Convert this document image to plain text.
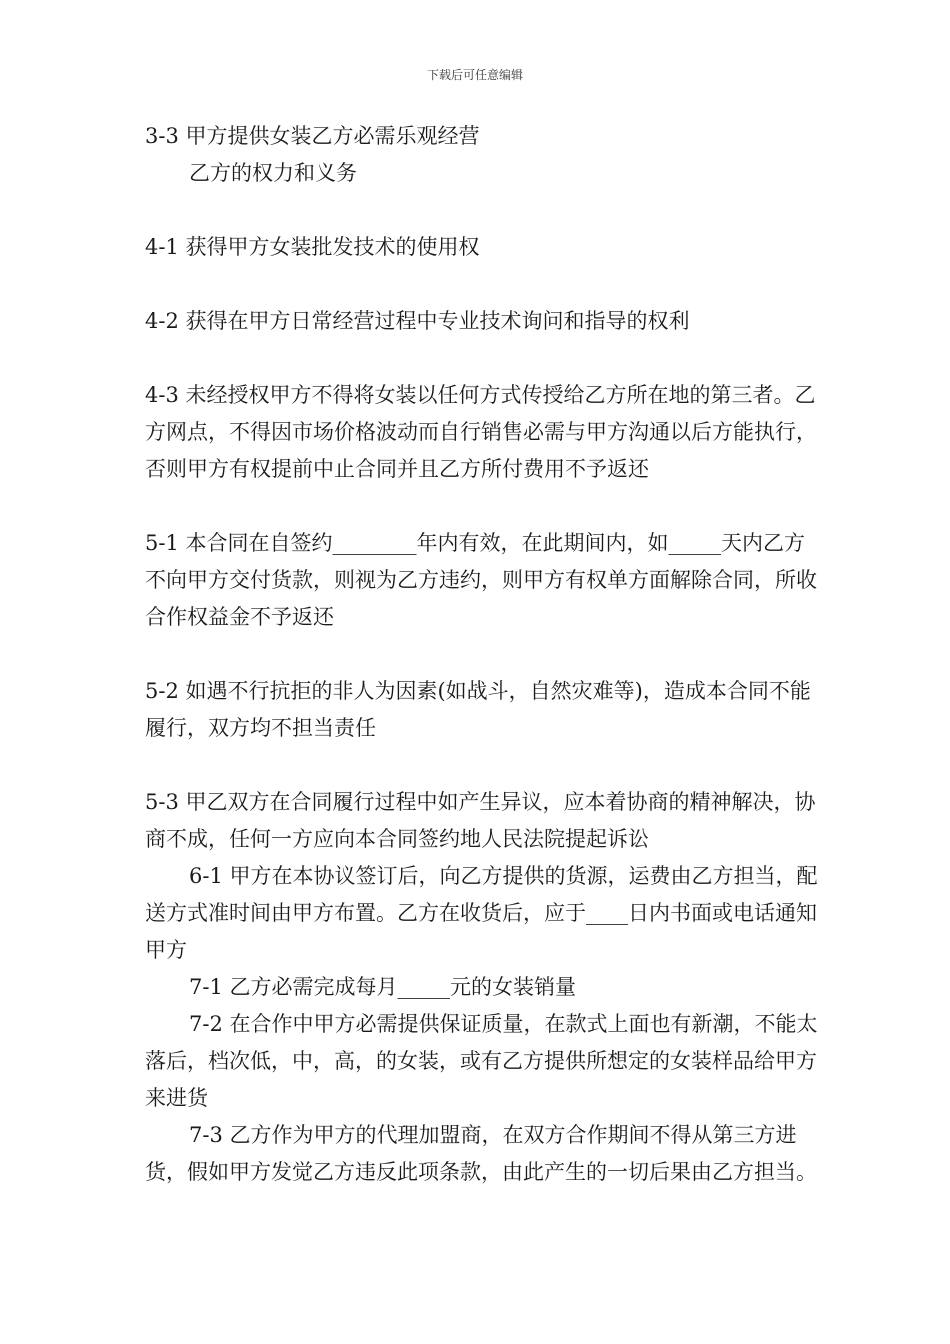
下载后可任意编辑

3-3 甲方提供女装乙方必需乐观经营

乙方的权力和义务

4-1 获得甲方女装批发技术的使用权

4-2 获得在甲方日常经营过程中专业技术询问和指导的权利

4-3 未经授权甲方不得将女装以任何方式传授给乙方所在地的第三者。乙方网点，不得因市场价格波动而自行销售必需与甲方沟通以后方能执行，否则甲方有权提前中止合同并且乙方所付费用不予返还

5-1 本合同在自签约________年内有效，在此期间内，如_____天内乙方不向甲方交付货款，则视为乙方违约，则甲方有权单方面解除合同，所收合作权益金不予返还

5-2 如遇不行抗拒的非人为因素(如战斗，自然灾难等)，造成本合同不能履行，双方均不担当责任

5-3 甲乙双方在合同履行过程中如产生异议，应本着协商的精神解决，协商不成，任何一方应向本合同签约地人民法院提起诉讼

6-1 甲方在本协议签订后，向乙方提供的货源，运费由乙方担当，配送方式准时间由甲方布置。乙方在收货后，应于____日内书面或电话通知甲方

7-1 乙方必需完成每月_____元的女装销量

7-2 在合作中甲方必需提供保证质量，在款式上面也有新潮，不能太落后，档次低，中，高，的女装，或有乙方提供所想定的女装样品给甲方来进货

7-3 乙方作为甲方的代理加盟商，在双方合作期间不得从第三方进货，假如甲方发觉乙方违反此项条款，由此产生的一切后果由乙方担当。
